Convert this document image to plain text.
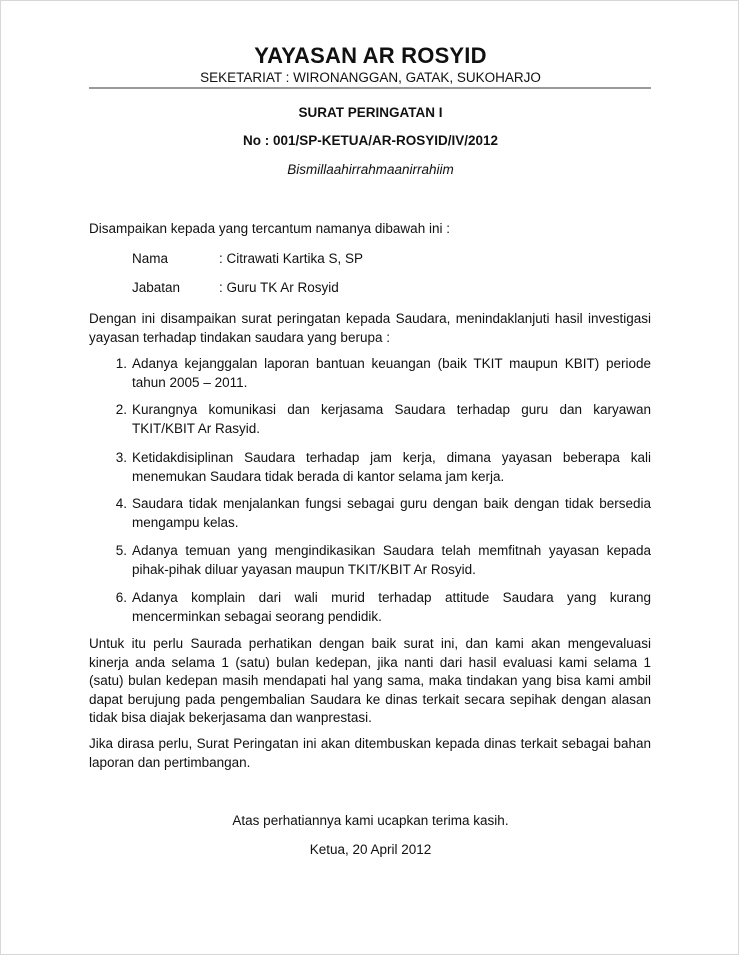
YAYASAN AR ROSYID
SEKETARIAT : WIRONANGGAN, GATAK, SUKOHARJO
SURAT PERINGATAN I
No : 001/SP-KETUA/AR-ROSYID/IV/2012
Bismillaahirrahmaanirrahiim
Disampaikan kepada yang tercantum namanya dibawah ini :
Nama	: Citrawati Kartika S, SP
Jabatan	: Guru TK Ar Rosyid
Dengan ini disampaikan surat peringatan kepada Saudara, menindaklanjuti hasil investigasi yayasan terhadap tindakan saudara yang berupa :
1. Adanya kejanggalan laporan bantuan keuangan (baik TKIT maupun KBIT) periode tahun 2005 – 2011.
2. Kurangnya komunikasi dan kerjasama Saudara terhadap guru dan karyawan TKIT/KBIT Ar Rasyid.
3. Ketidakdisiplinan Saudara terhadap jam kerja, dimana yayasan beberapa kali menemukan Saudara tidak berada di kantor selama jam kerja.
4. Saudara tidak menjalankan fungsi sebagai guru dengan baik dengan tidak bersedia mengampu kelas.
5. Adanya temuan yang mengindikasikan Saudara telah memfitnah yayasan kepada pihak-pihak diluar yayasan maupun TKIT/KBIT Ar Rosyid.
6. Adanya komplain dari wali murid terhadap attitude Saudara yang kurang mencerminkan sebagai seorang pendidik.
Untuk itu perlu Saurada perhatikan dengan baik surat ini, dan kami akan mengevaluasi kinerja anda selama 1 (satu) bulan kedepan, jika nanti dari hasil evaluasi kami selama 1 (satu) bulan kedepan masih mendapati hal yang sama, maka tindakan yang bisa kami ambil dapat berujung pada pengembalian Saudara ke dinas terkait secara sepihak dengan alasan tidak bisa diajak bekerjasama dan wanprestasi.
Jika dirasa perlu, Surat Peringatan ini akan ditembuskan kepada dinas terkait sebagai bahan laporan dan pertimbangan.
Atas perhatiannya kami ucapkan terima kasih.
Ketua, 20 April 2012
